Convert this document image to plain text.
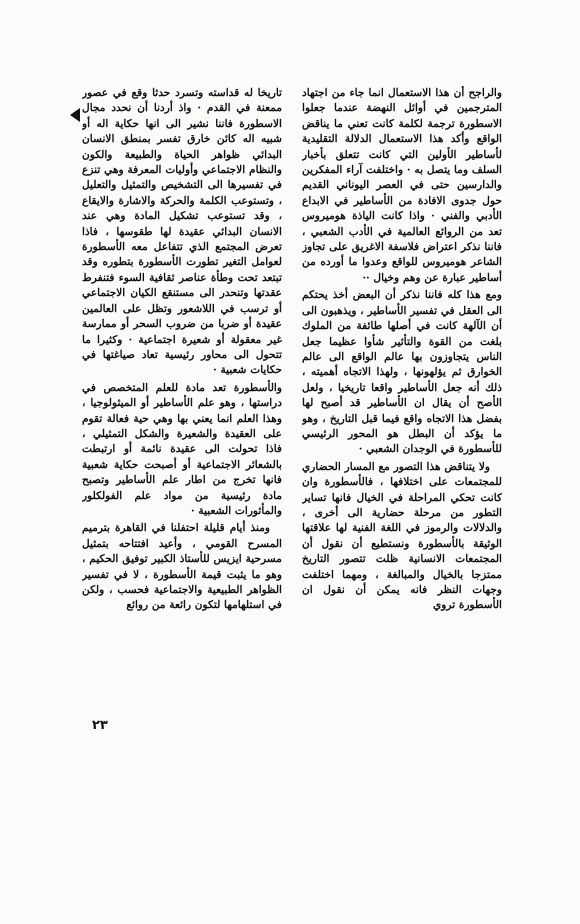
والراجح أن هذا الاستعمال انما جاء من اجتهاد المترجمين في أوائل النهضة عندما جعلوا الاسطورة ترجمة لكلمة كانت تعني ما يناقض الواقع وأكد هذا الاستعمال الدلالة التقليدية لأساطير الأولين التي كانت تتعلق بأخبار السلف وما يتصل به · واختلفت آراء المفكرين والدارسين حتى في العصر اليوناني القديم حول جدوى الافادة من الأساطير في الابداع الأدبي والفني · واذا كانت الياذة هوميروس تعد من الروائع العالمية في الأدب الشعبي ، فاننا نذكر اعتراض فلاسفة الاغريق على تجاوز الشاعر هوميروس للواقع وعدوا ما أورده من أساطير عبارة عن وهم وخيال ··

ومع هذا كله فاننا نذكر أن البعض أخذ يحتكم الى العقل في تفسير الأساطير ، ويذهبون الى أن الآلهة كانت في أصلها طائفة من الملوك بلغت من القوة والتأثير شأوا عظيما جعل الناس يتجاوزون بها عالم الواقع الى عالم الخوارق ثم يؤلهونها ، ولهذا الاتجاه أهميته ، ذلك أنه جعل الأساطير واقعا تاريخيا ، ولعل الأصح أن يقال ان الأساطير قد أصبح لها بفضل هذا الاتجاه واقع فيما قبل التاريخ ، وهو ما يؤكد أن البطل هو المحور الرئيسي للأسطورة في الوجدان الشعبي ·

ولا يتناقض هذا التصور مع المسار الحضاري للمجتمعات على اختلافها ، فالأسطورة وان كانت تحكي المراحلة في الخيال فانها تساير التطور من مرحلة حضارية الى أخرى ، والدلالات والرموز في اللغة الفنية لها علاقتها الوثيقة بالأسطورة ونستطيع أن نقول أن المجتمعات الانسانية ظلت تتصور التاريخ ممتزجا بالخيال والمبالغة ، ومهما اختلفت وجهات النظر فانه يمكن أن نقول ان الأسطورة تروي

تاريخا له قداسته وتسرد حدثا وقع في عصور ممعنة في القدم · واذ أردنا أن نحدد مجال الاسطورة فاننا نشير الى انها حكاية اله أو شبيه اله كائن خارق تفسر بمنطق الانسان البدائي ظواهر الحياة والطبيعة والكون والنظام الاجتماعي وأوليات المعرفة وهي تنزع في تفسيرها الى التشخيص والتمثيل والتعليل ، وتستوعب الكلمة والحركة والاشارة والايقاع ، وقد تستوعب تشكيل المادة وهي عند الانسان البدائي عقيدة لها طقوسها ، فاذا تعرض المجتمع الذي تتفاعل معه الأسطورة لعوامل التغير تطورت الأسطورة بتطوره وقد تبتعد تحت وطأة عناصر ثقافية السوء فتنفرط عقدتها وتنحدر الى مستنقع الكيان الاجتماعي أو ترسب في اللاشعور وتظل على العالمين عقيدة أو ضربا من ضروب السحر أو ممارسة غير معقولة أو شعيرة اجتماعية · وكثيرا ما تتحول الى محاور رئيسية تعاد صياغتها في حكايات شعبية ·

والأسطورة تعد مادة للعلم المتخصص في دراستها ، وهو علم الأساطير أو الميثولوجيا ، وهذا العلم انما يعني بها وهي حية فعالة تقوم على العقيدة والشعيرة والشكل التمثيلي ، فاذا تحولت الى عقيدة نائمة أو ارتبطت بالشعائر الاجتماعية أو أصبحت حكاية شعبية فانها تخرج من اطار علم الأساطير وتصبح مادة رئيسية من مواد علم الفولكلور والمأثورات الشعبية ·

ومنذ أيام قليلة احتفلنا في القاهرة بترميم المسرح القومي ، وأعيد افتتاحه بتمثيل مسرحية ايزيس للأستاذ الكبير توفيق الحكيم ، وهو ما يثبت قيمة الأسطورة ، لا في تفسير الظواهر الطبيعية والاجتماعية فحسب ، ولكن في استلهامها لتكون رائعة من روائع

٢٣
